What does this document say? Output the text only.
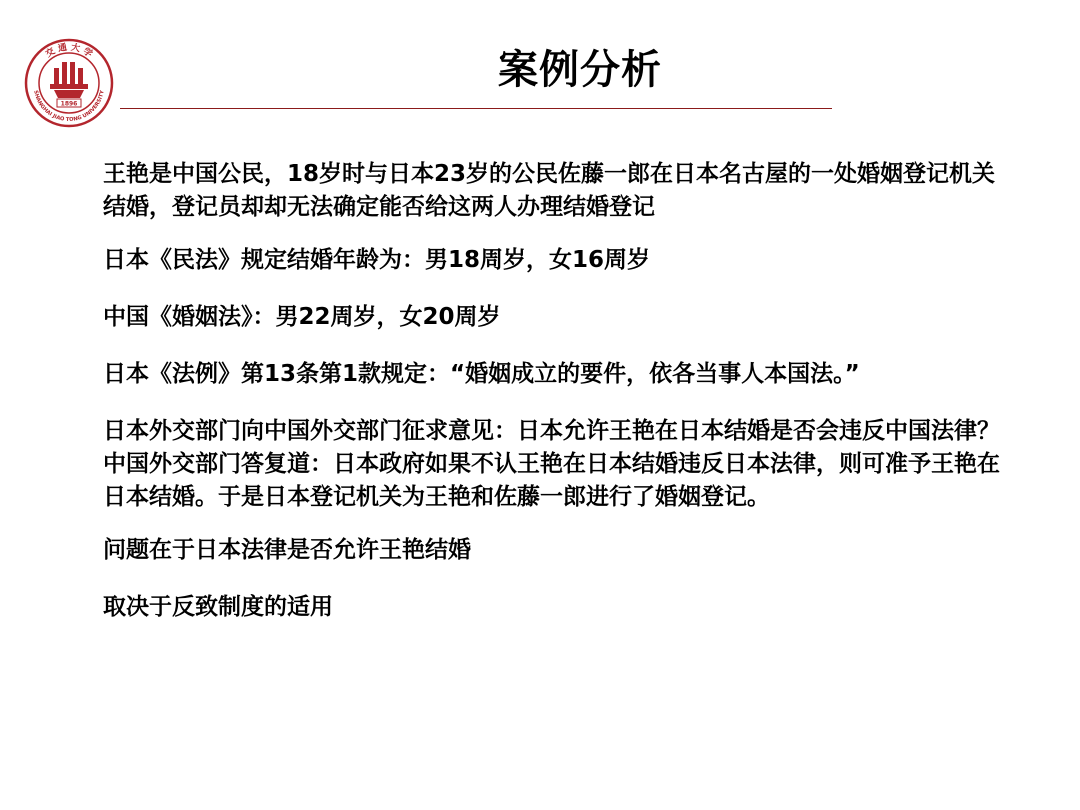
交 通 大 学
SHANGHAI JIAO TONG UNIVERSITY
1896
案例分析

王艳是中国公民，18岁时与日本23岁的公民佐藤一郎在日本名古屋的一处婚姻登记机关结婚，登记员却却无法确定能否给这两人办理结婚登记

日本《民法》规定结婚年龄为：男18周岁，女16周岁

中国《婚姻法》：男22周岁，女20周岁

日本《法例》第13条第1款规定：“婚姻成立的要件，依各当事人本国法。”

日本外交部门向中国外交部门征求意见：日本允许王艳在日本结婚是否会违反中国法律？中国外交部门答复道：日本政府如果不认王艳在日本结婚违反日本法律，则可准予王艳在日本结婚。于是日本登记机关为王艳和佐藤一郎进行了婚姻登记。

问题在于日本法律是否允许王艳结婚

取决于反致制度的适用
